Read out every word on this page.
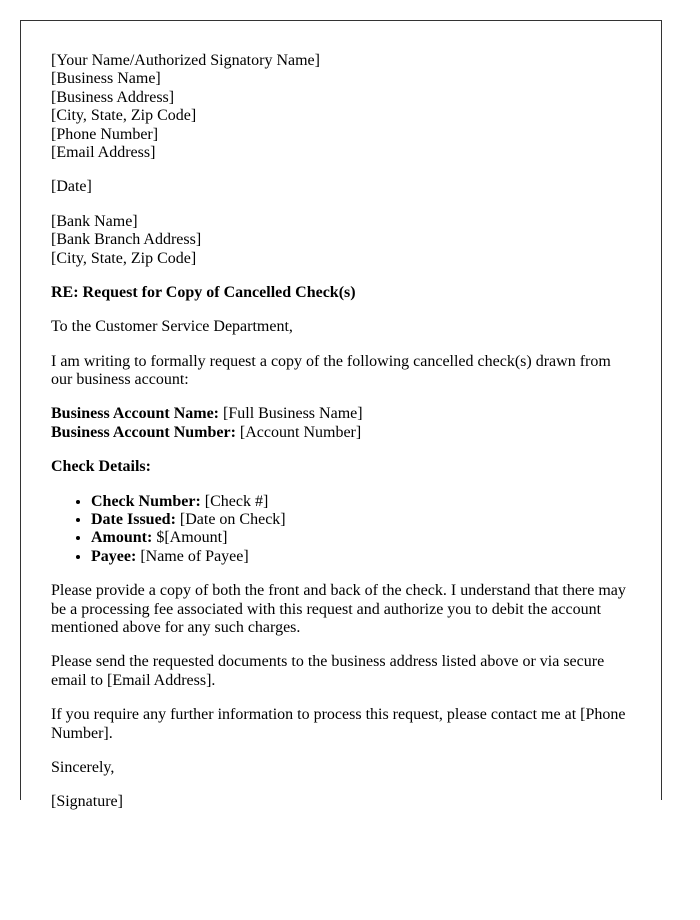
[Your Name/Authorized Signatory Name]
[Business Name]
[Business Address]
[City, State, Zip Code]
[Phone Number]
[Email Address]

[Date]

[Bank Name]
[Bank Branch Address]
[City, State, Zip Code]

RE: Request for Copy of Cancelled Check(s)

To the Customer Service Department,

I am writing to formally request a copy of the following cancelled check(s) drawn from our business account:

Business Account Name: [Full Business Name]
Business Account Number: [Account Number]

Check Details:

• Check Number: [Check #]
• Date Issued: [Date on Check]
• Amount: $[Amount]
• Payee: [Name of Payee]

Please provide a copy of both the front and back of the check. I understand that there may be a processing fee associated with this request and authorize you to debit the account mentioned above for any such charges.

Please send the requested documents to the business address listed above or via secure email to [Email Address].

If you require any further information to process this request, please contact me at [Phone Number].

Sincerely,

[Signature]
